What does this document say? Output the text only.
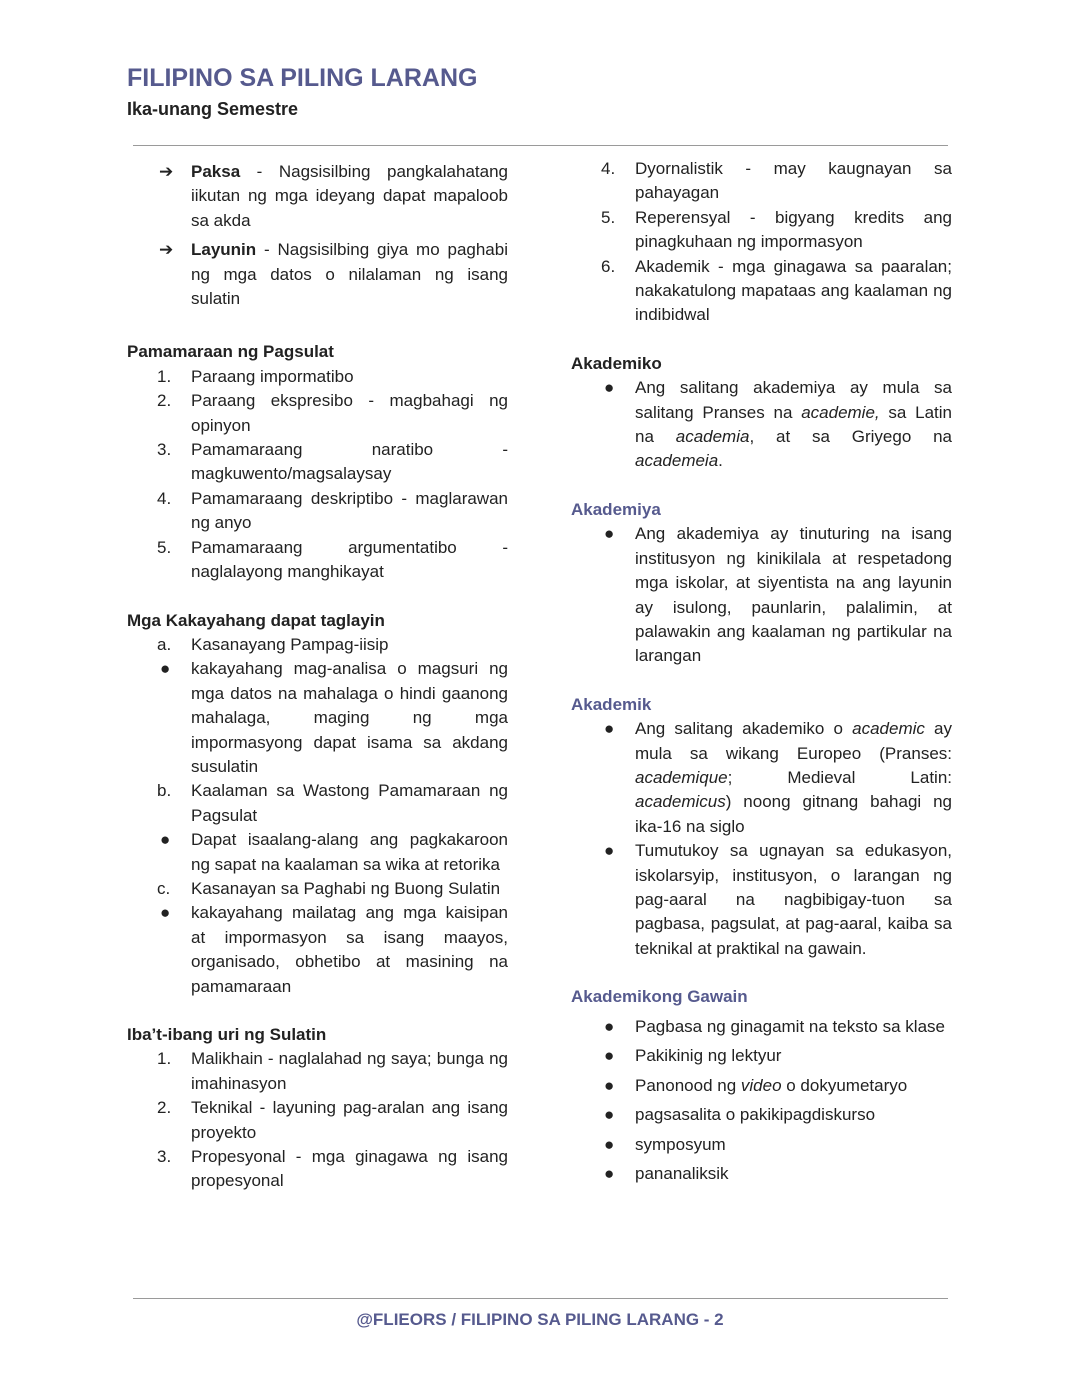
FILIPINO SA PILING LARANG
Ika-unang Semestre
➔	Paksa - Nagsisilbing pangkalahatang iikutan ng mga ideyang dapat mapaloob sa akda
➔	Layunin - Nagsisilbing giya mo paghabi ng mga datos o nilalaman ng isang sulatin
Pamamaraan ng Pagsulat
1.	Paraang impormatibo
2.	Paraang ekspresibo - magbahagi ng opinyon
3.	Pamamaraang naratibo - magkuwento/magsalaysay
4.	Pamamaraang deskriptibo - maglarawan ng anyo
5.	Pamamaraang argumentatibo - naglalayong manghikayat
Mga Kakayahang dapat taglayin
a.	Kasanayang Pampag-iisip
●	kakayahang mag-analisa o magsuri ng mga datos na mahalaga o hindi gaanong mahalaga, maging ng mga impormasyong dapat isama sa akdang susulatin
b.	Kaalaman sa Wastong Pamamaraan ng Pagsulat
●	Dapat isaalang-alang ang pagkakaroon ng sapat na kaalaman sa wika at retorika
c.	Kasanayan sa Paghabi ng Buong Sulatin
●	kakayahang mailatag ang mga kaisipan at impormasyon sa isang maayos, organisado, obhetibo at masining na pamamaraan
Iba’t-ibang uri ng Sulatin
1.	Malikhain - naglalahad ng saya; bunga ng imahinasyon
2.	Teknikal - layuning pag-aralan ang isang proyekto
3.	Propesyonal - mga ginagawa ng isang propesyonal
4.	Dyornalistik - may kaugnayan sa pahayagan
5.	Reperensyal - bigyang kredits ang pinagkuhaan ng impormasyon
6.	Akademik - mga ginagawa sa paaralan; nakakatulong mapataas ang kaalaman ng indibidwal
Akademiko
●	Ang salitang akademiya ay mula sa salitang Pranses na academie, sa Latin na academia, at sa Griyego na academeia.
Akademiya
●	Ang akademiya ay tinuturing na isang institusyon ng kinikilala at respetadong mga iskolar, at siyentista na ang layunin ay isulong, paunlarin, palalimin, at palawakin ang kaalaman ng partikular na larangan
Akademik
●	Ang salitang akademiko o academic ay mula sa wikang Europeo (Pranses: academique; Medieval Latin: academicus) noong gitnang bahagi ng ika-16 na siglo
●	Tumutukoy sa ugnayan sa edukasyon, iskolarsyip, institusyon, o larangan ng pag-aaral na nagbibigay-tuon sa pagbasa, pagsulat, at pag-aaral, kaiba sa teknikal at praktikal na gawain.
Akademikong Gawain
●	Pagbasa ng ginagamit na teksto sa klase
●	Pakikinig ng lektyur
●	Panonood ng video o dokyumetaryo
●	pagsasalita o pakikipagdiskurso
●	symposyum
●	pananaliksik
@FLIEORS / FILIPINO SA PILING LARANG - 2
